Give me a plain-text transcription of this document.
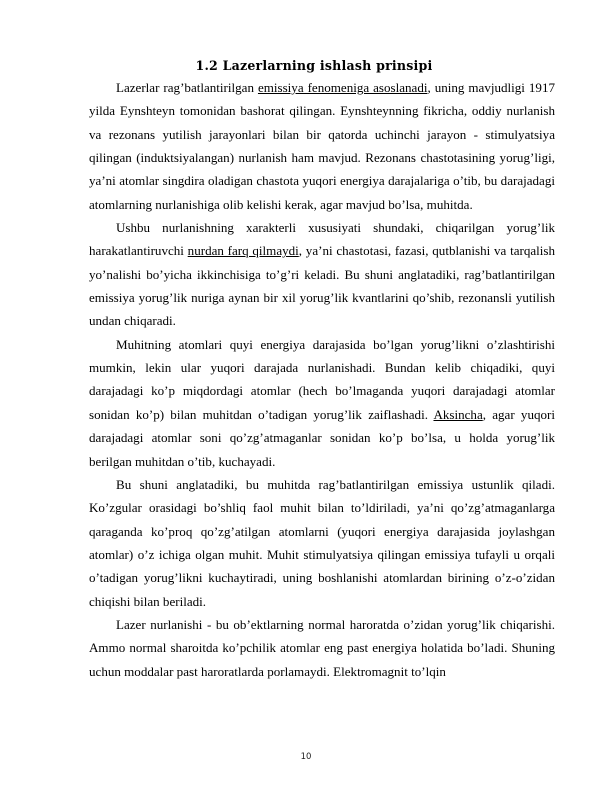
1.2 Lazerlarning ishlash prinsipi

Lazerlar rag’batlantirilgan emissiya fenomeniga asoslanadi, uning mavjudligi 1917 yilda Eynshteyn tomonidan bashorat qilingan. Eynshteynning fikricha, oddiy nurlanish va rezonans yutilish jarayonlari bilan bir qatorda uchinchi jarayon - stimulyatsiya qilingan (induktsiyalangan) nurlanish ham mavjud. Rezonans chastotasining yorug’ligi, ya’ni atomlar singdira oladigan chastota yuqori energiya darajalariga o’tib, bu darajadagi atomlarning nurlanishiga olib kelishi kerak, agar mavjud bo’lsa, muhitda.

Ushbu nurlanishning xarakterli xususiyati shundaki, chiqarilgan yorug’lik harakatlantiruvchi nurdan farq qilmaydi, ya’ni chastotasi, fazasi, qutblanishi va tarqalish yo’nalishi bo’yicha ikkinchisiga to’g’ri keladi. Bu shuni anglatadiki, rag’batlantirilgan emissiya yorug’lik nuriga aynan bir xil yorug’lik kvantlarini qo’shib, rezonansli yutilish undan chiqaradi.

Muhitning atomlari quyi energiya darajasida bo’lgan yorug’likni o’zlashtirishi mumkin, lekin ular yuqori darajada nurlanishadi. Bundan kelib chiqadiki, quyi darajadagi ko’p miqdordagi atomlar (hech bo’lmaganda yuqori darajadagi atomlar sonidan ko’p) bilan muhitdan o’tadigan yorug’lik zaiflashadi. Aksincha, agar yuqori darajadagi atomlar soni qo’zg’atmaganlar sonidan ko’p bo’lsa, u holda yorug’lik berilgan muhitdan o’tib, kuchayadi.

Bu shuni anglatadiki, bu muhitda rag’batlantirilgan emissiya ustunlik qiladi. Ko’zgular orasidagi bo’shliq faol muhit bilan to’ldiriladi, ya’ni qo’zg’atmaganlarga qaraganda ko’proq qo’zg’atilgan atomlarni (yuqori energiya darajasida joylashgan atomlar) o’z ichiga olgan muhit. Muhit stimulyatsiya qilingan emissiya tufayli u orqali o’tadigan yorug’likni kuchaytiradi, uning boshlanishi atomlardan birining o’z-o’zidan chiqishi bilan beriladi.

Lazer nurlanishi - bu ob’ektlarning normal haroratda o’zidan yorug’lik chiqarishi. Ammo normal sharoitda ko’pchilik atomlar eng past energiya holatida bo’ladi. Shuning uchun moddalar past haroratlarda porlamaydi. Elektromagnit to’lqin

10
